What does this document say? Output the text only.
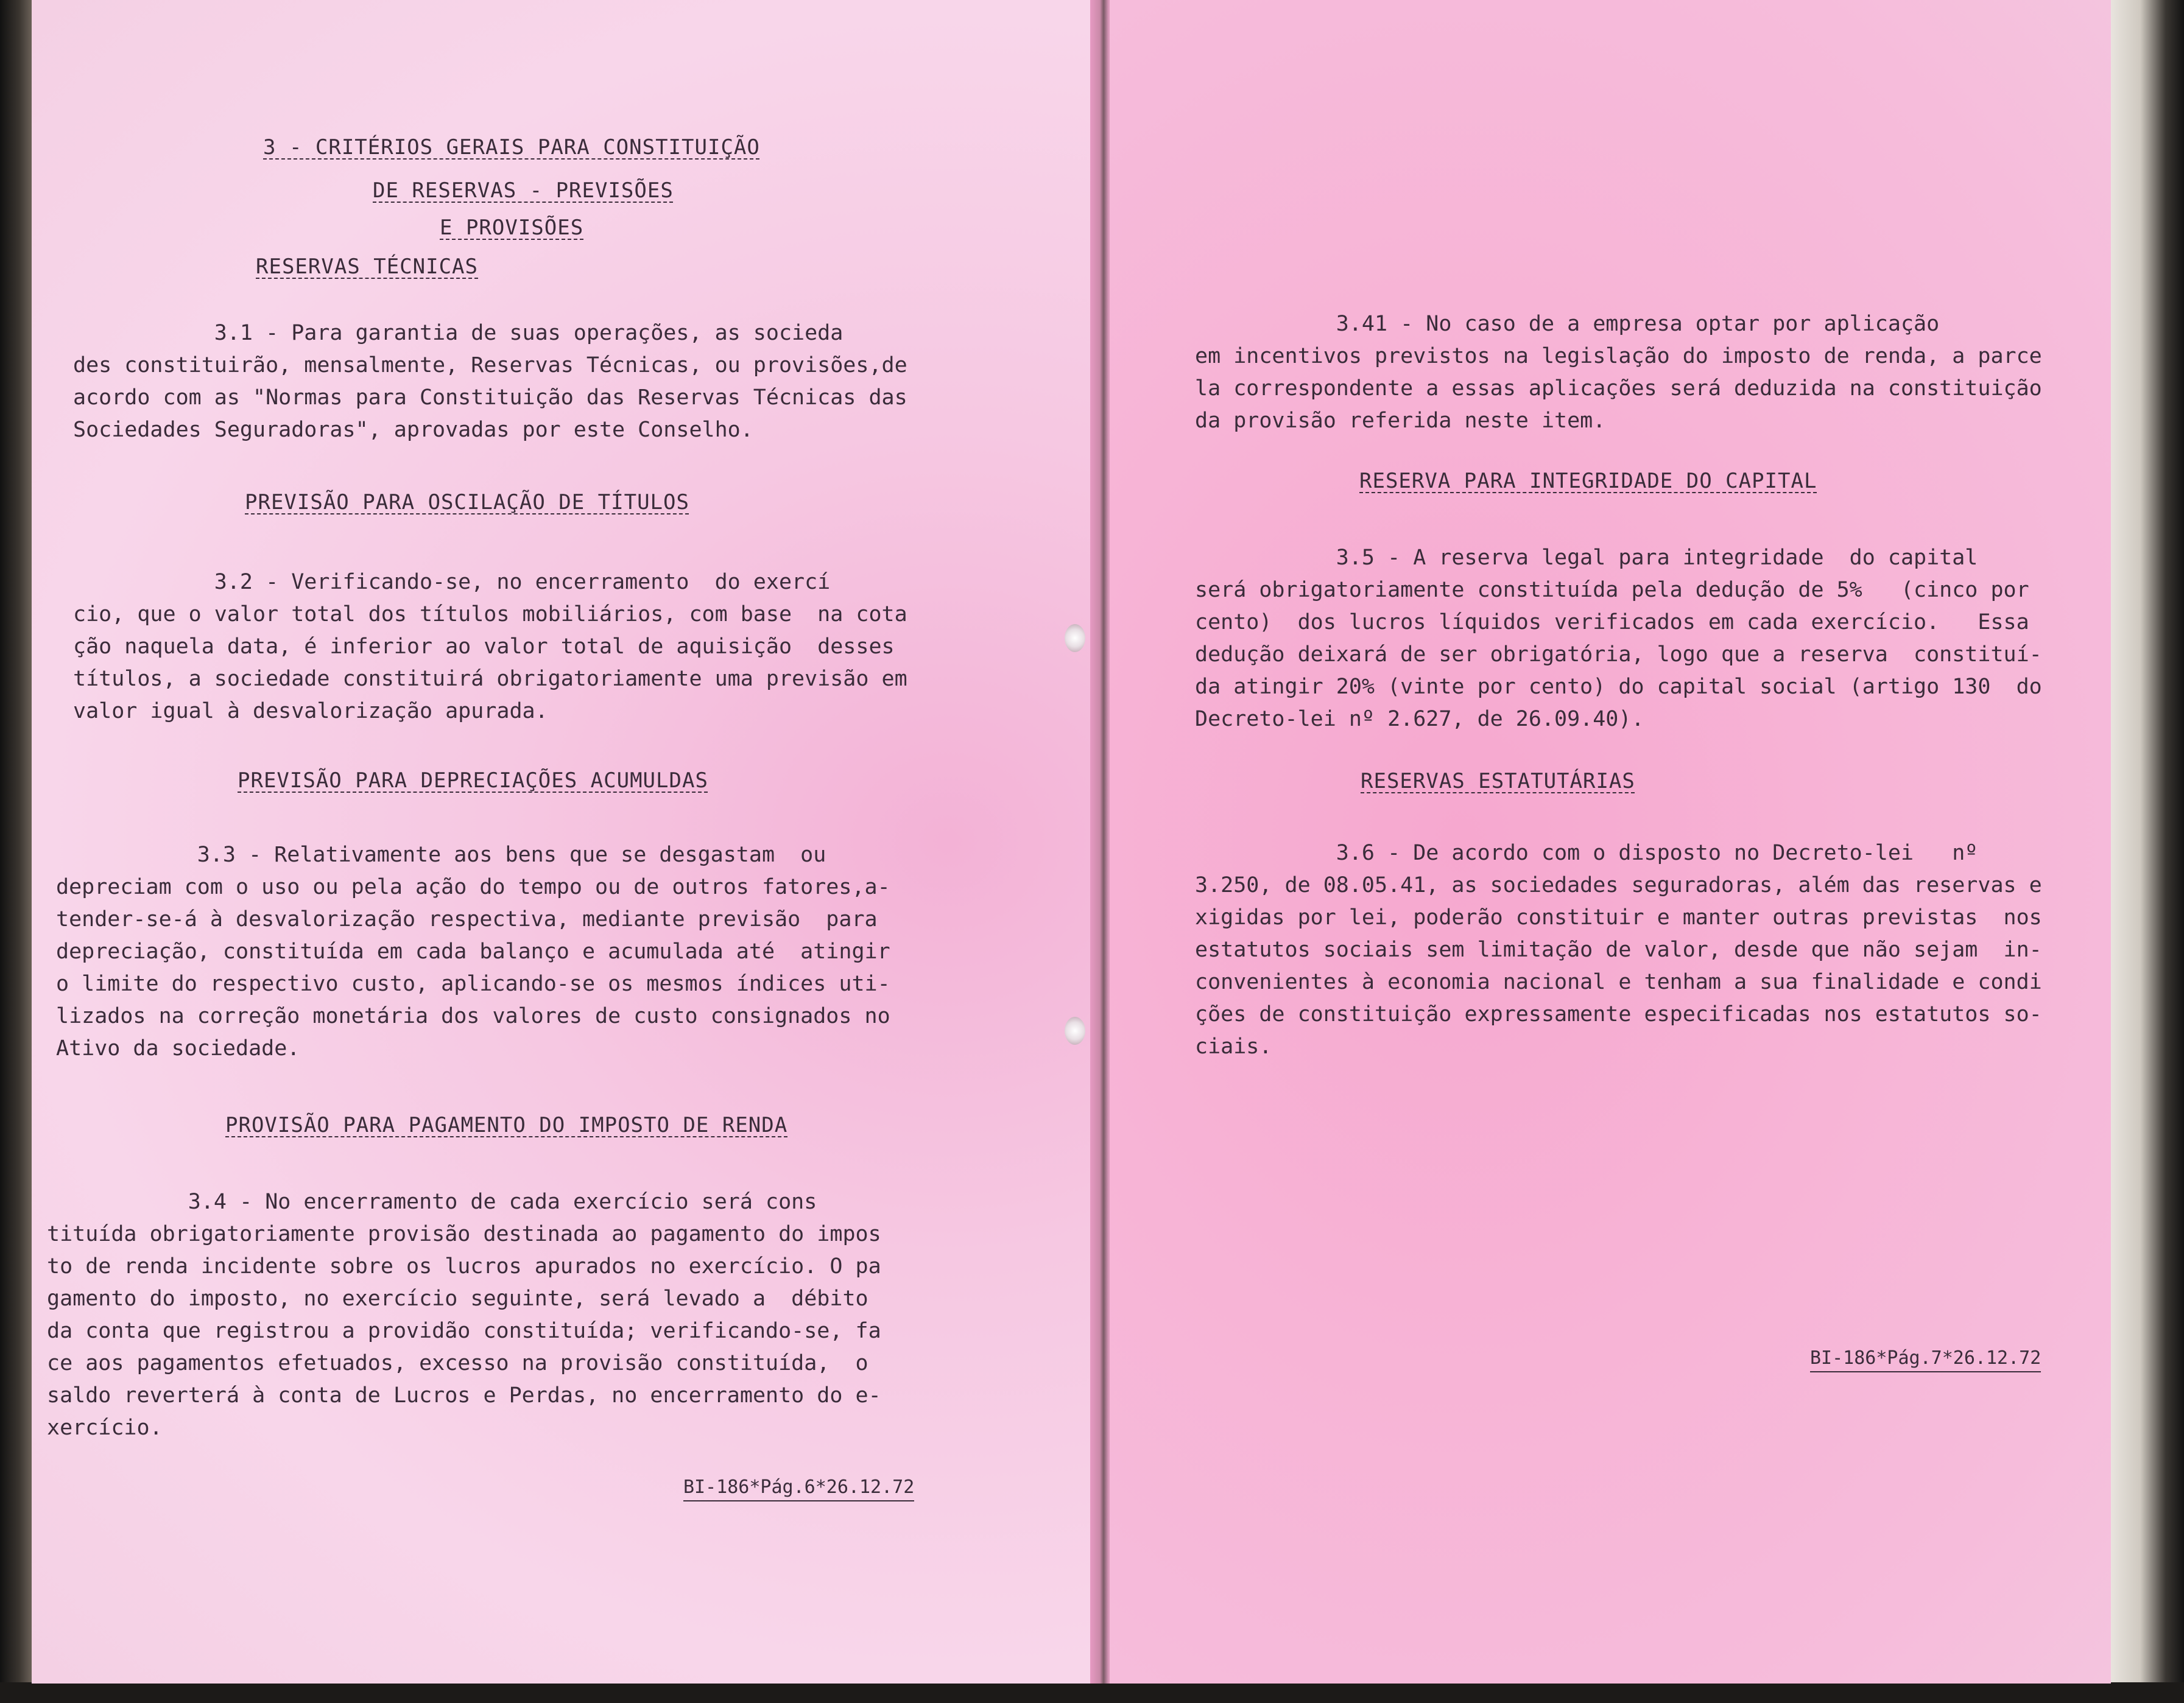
3 - CRITÉRIOS GERAIS PARA CONSTITUIÇÃO

DE RESERVAS - PREVISÕES

E PROVISÕES

RESERVAS TÉCNICAS

3.1 - Para garantia de suas operações, as socieda
des constituirão, mensalmente, Reservas Técnicas, ou provisões,de
acordo com as "Normas para Constituição das Reservas Técnicas das
Sociedades Seguradoras", aprovadas por este Conselho.

PREVISÃO PARA OSCILAÇÃO DE TÍTULOS

3.2 - Verificando-se, no encerramento  do exercí
cio, que o valor total dos títulos mobiliários, com base  na cota
ção naquela data, é inferior ao valor total de aquisição  desses
títulos, a sociedade constituirá obrigatoriamente uma previsão em
valor igual à desvalorização apurada.

PREVISÃO PARA DEPRECIAÇÕES ACUMULDAS

3.3 - Relativamente aos bens que se desgastam  ou
depreciam com o uso ou pela ação do tempo ou de outros fatores,a-
tender-se-á à desvalorização respectiva, mediante previsão  para
depreciação, constituída em cada balanço e acumulada até  atingir
o limite do respectivo custo, aplicando-se os mesmos índices uti-
lizados na correção monetária dos valores de custo consignados no
Ativo da sociedade.

PROVISÃO PARA PAGAMENTO DO IMPOSTO DE RENDA

3.4 - No encerramento de cada exercício será cons
tituída obrigatoriamente provisão destinada ao pagamento do impos
to de renda incidente sobre os lucros apurados no exercício. O pa
gamento do imposto, no exercício seguinte, será levado a  débito
da conta que registrou a providão constituída; verificando-se, fa
ce aos pagamentos efetuados, excesso na provisão constituída,  o
saldo reverterá à conta de Lucros e Perdas, no encerramento do e-
xercício.

BI-186*Pág.6*26.12.72

3.41 - No caso de a empresa optar por aplicação
em incentivos previstos na legislação do imposto de renda, a parce
la correspondente a essas aplicações será deduzida na constituição
da provisão referida neste item.

RESERVA PARA INTEGRIDADE DO CAPITAL

3.5 - A reserva legal para integridade  do capital
será obrigatoriamente constituída pela dedução de 5%   (cinco por
cento)  dos lucros líquidos verificados em cada exercício.   Essa
dedução deixará de ser obrigatória, logo que a reserva  constituí-
da atingir 20% (vinte por cento) do capital social (artigo 130  do
Decreto-lei nº 2.627, de 26.09.40).

RESERVAS ESTATUTÁRIAS

3.6 - De acordo com o disposto no Decreto-lei   nº
3.250, de 08.05.41, as sociedades seguradoras, além das reservas e
xigidas por lei, poderão constituir e manter outras previstas  nos
estatutos sociais sem limitação de valor, desde que não sejam  in-
convenientes à economia nacional e tenham a sua finalidade e condi
ções de constituição expressamente especificadas nos estatutos so-
ciais.

BI-186*Pág.7*26.12.72
